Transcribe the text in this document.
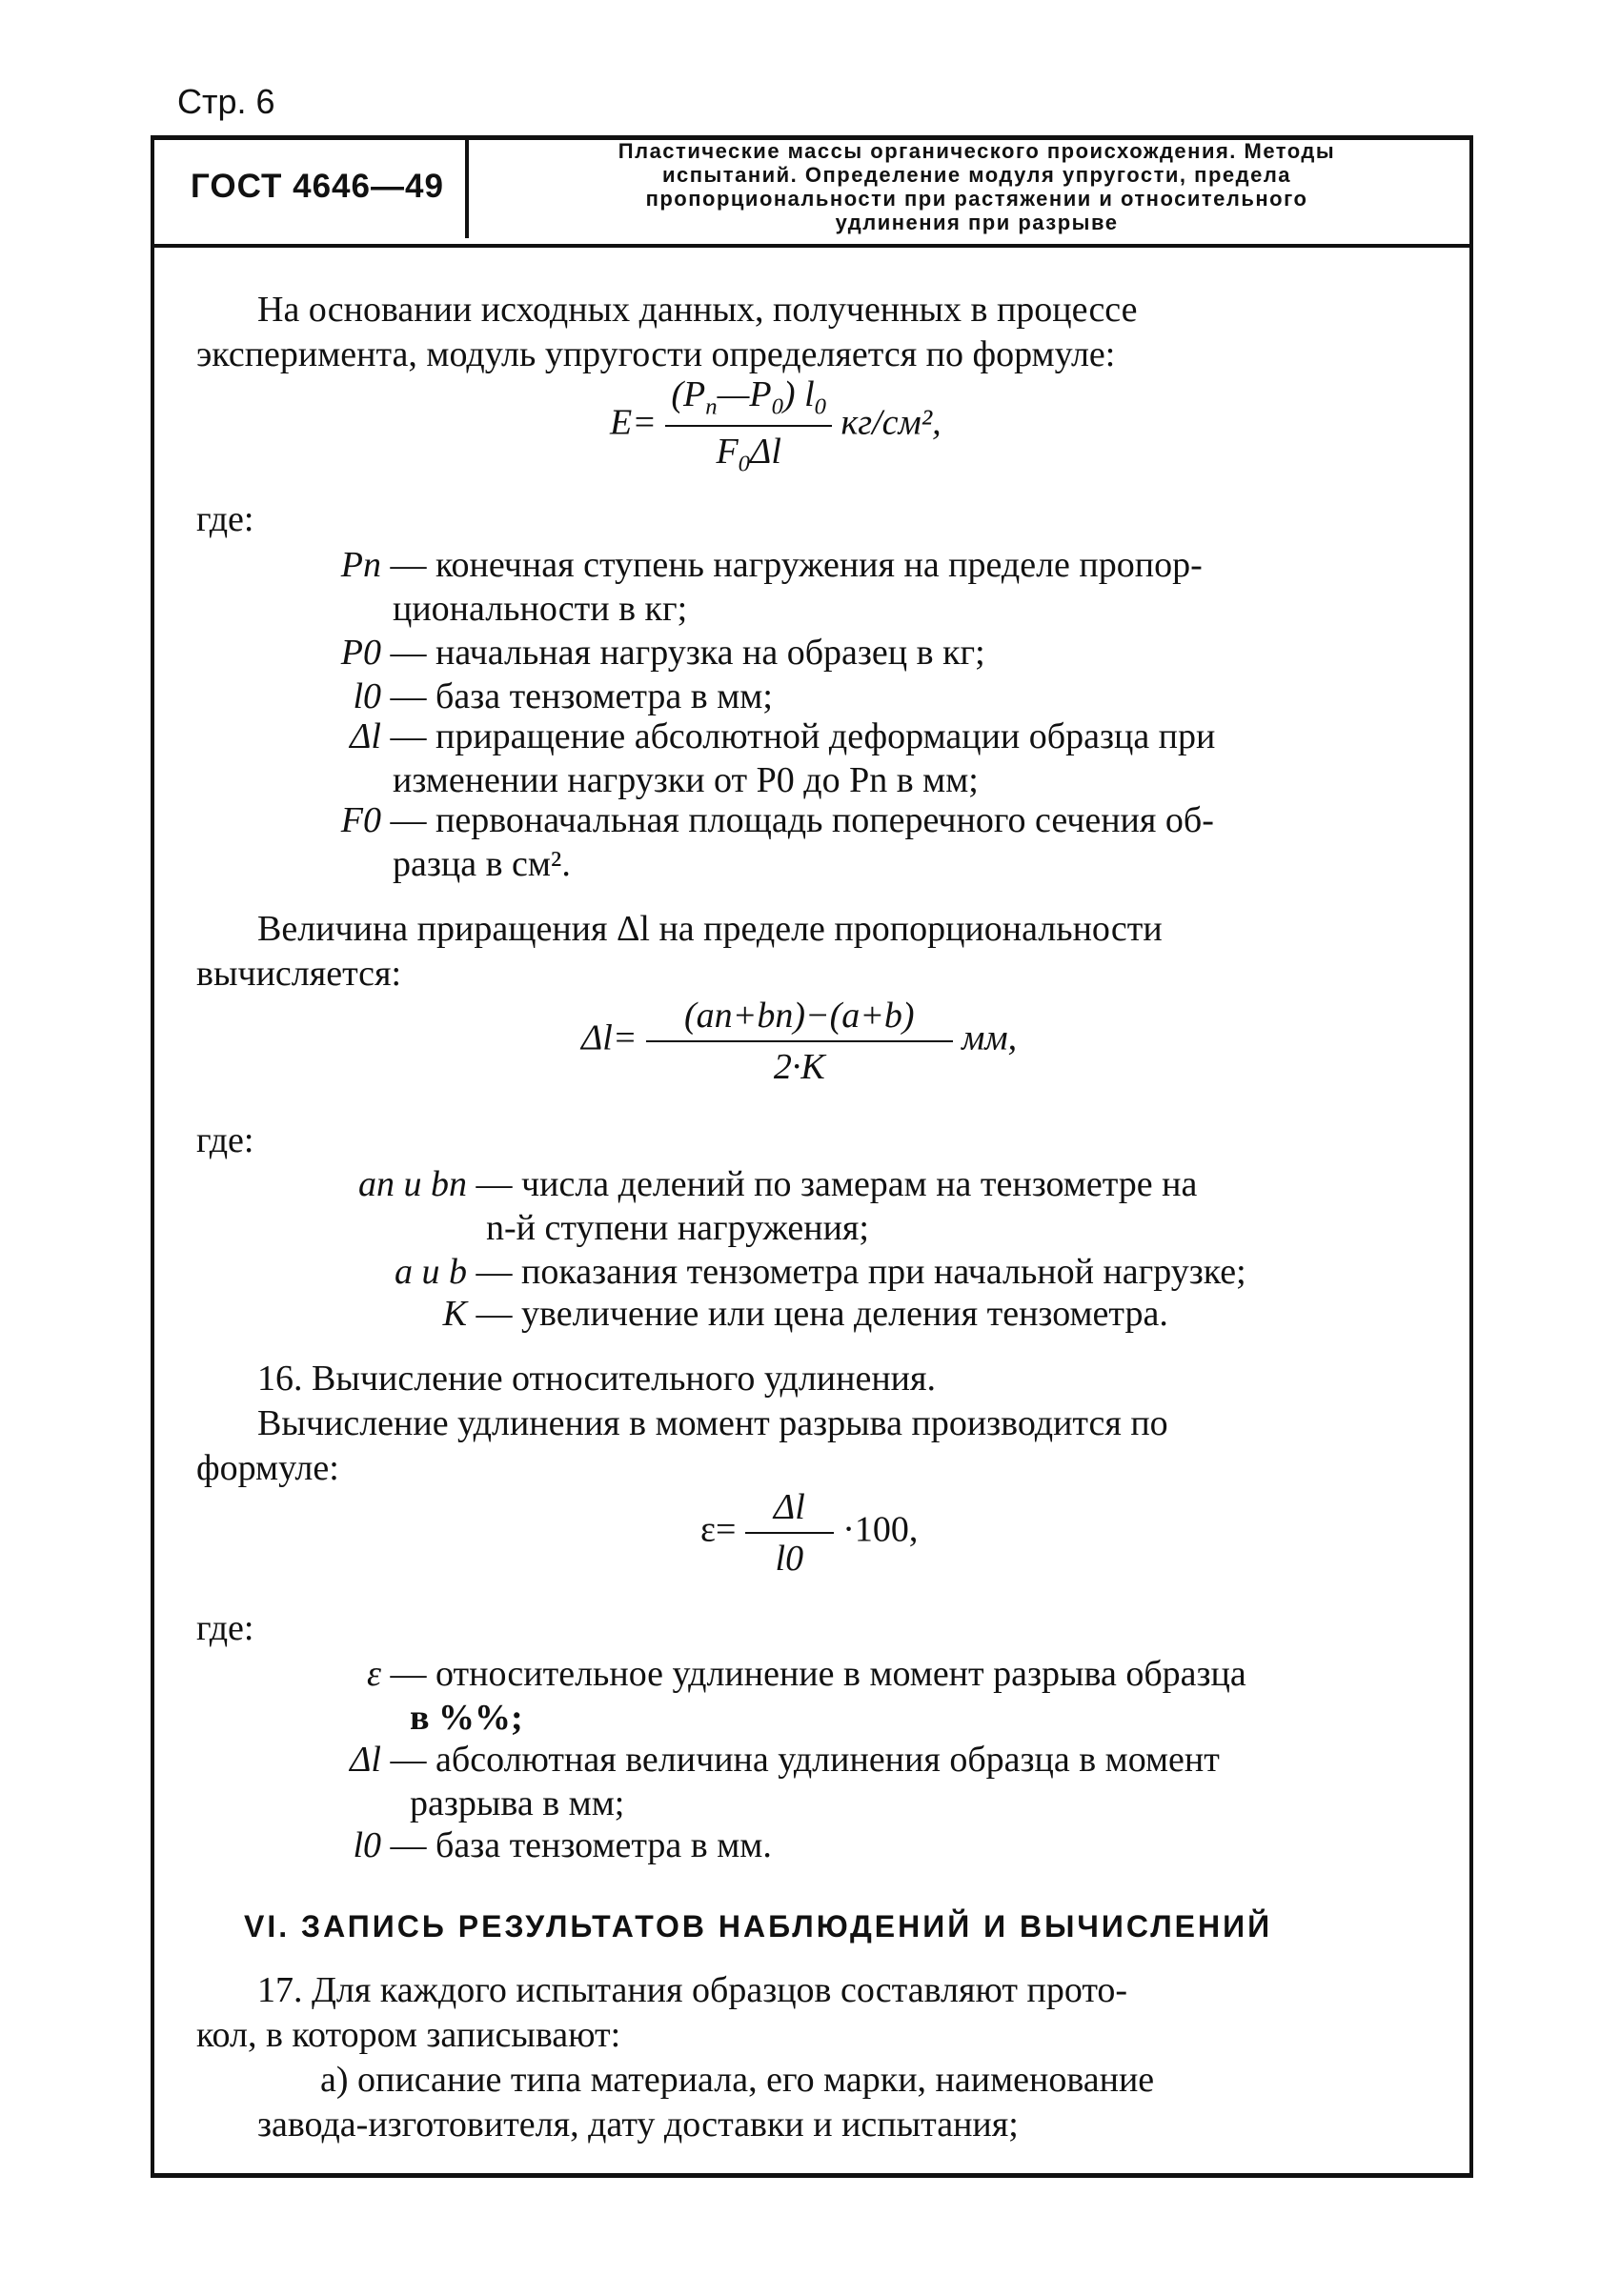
Стр. 6
ГОСТ 4646—49
Пластические массы органического происхождения. Методы
испытаний. Определение модуля упругости, предела
пропорциональности при растяжении и относительного
удлинения при разрыве
На основании исходных данных, полученных в процессе
эксперимента, модуль упругости определяется по формуле:
$E= \frac{(P_n—P_0) l_0}{F_0\Delta l} кг/см^2$,
где:
Pn — конечная ступень нагружения на пределе пропор-
циональности в кг;
P0 — начальная нагрузка на образец в кг;
l0 — база тензометра в мм;
Δl — приращение абсолютной деформации образца при
изменении нагрузки от P0 до Pn в мм;
F0 — первоначальная площадь поперечного сечения об-
разца в см².
Величина приращения Δl на пределе пропорциональности
вычисляется:
$\Delta l= \frac{(an+bn)-(a+b)}{2\cdot K}$ мм,
где:
an и bn — числа делений по замерам на тензометре на
n-й ступени нагружения;
a и b — показания тензометра при начальной нагрузке;
K — увеличение или цена деления тензометра.
16. Вычисление относительного удлинения.
Вычисление удлинения в момент разрыва производится по
формуле:
$\varepsilon= \frac{\Delta l}{l0} \cdot 100$,
где:
ε — относительное удлинение в момент разрыва образца
в %%;
Δl — абсолютная величина удлинения образца в момент
разрыва в мм;
l0 — база тензометра в мм.
VI. ЗАПИСЬ РЕЗУЛЬТАТОВ НАБЛЮДЕНИЙ И ВЫЧИСЛЕНИЙ
17. Для каждого испытания образцов составляют прото-
кол, в котором записывают:
а) описание типа материала, его марки, наименование
завода-изготовителя, дату доставки и испытания;
